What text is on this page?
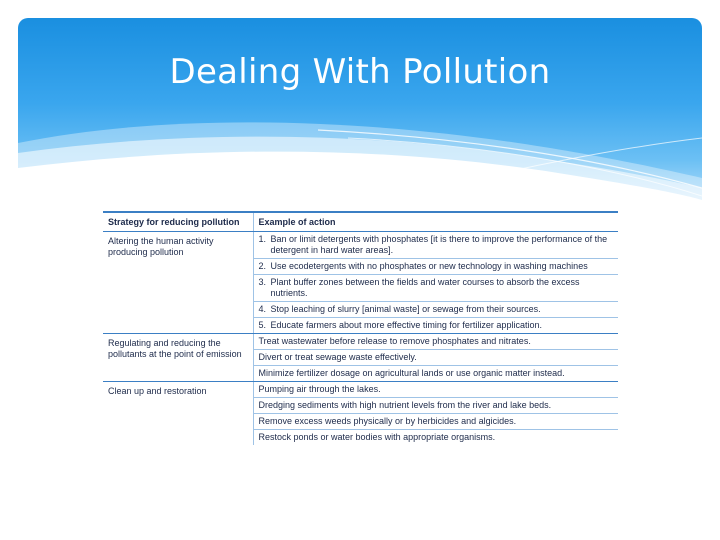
Dealing With Pollution
Strategy for reducing pollution	Example of action
Altering the human activity producing pollution	1. Ban or limit detergents with phosphates [it is there to improve the performance of the detergent in hard water areas].
2. Use ecodetergents with no phosphates or new technology in washing machines
3. Plant buffer zones between the fields and water courses to absorb the excess nutrients.
4. Stop leaching of slurry [animal waste] or sewage from their sources.
5. Educate farmers about more effective timing for fertilizer application.

Regulating and reducing the pollutants at the point of emission	Treat wastewater before release to remove phosphates and nitrates.
Divert or treat sewage waste effectively.
Minimize fertilizer dosage on agricultural lands or use organic matter instead.

Clean up and restoration	Pumping air through the lakes.
Dredging sediments with high nutrient levels from the river and lake beds.
Remove excess weeds physically or by herbicides and algicides.
Restock ponds or water bodies with appropriate organisms.
